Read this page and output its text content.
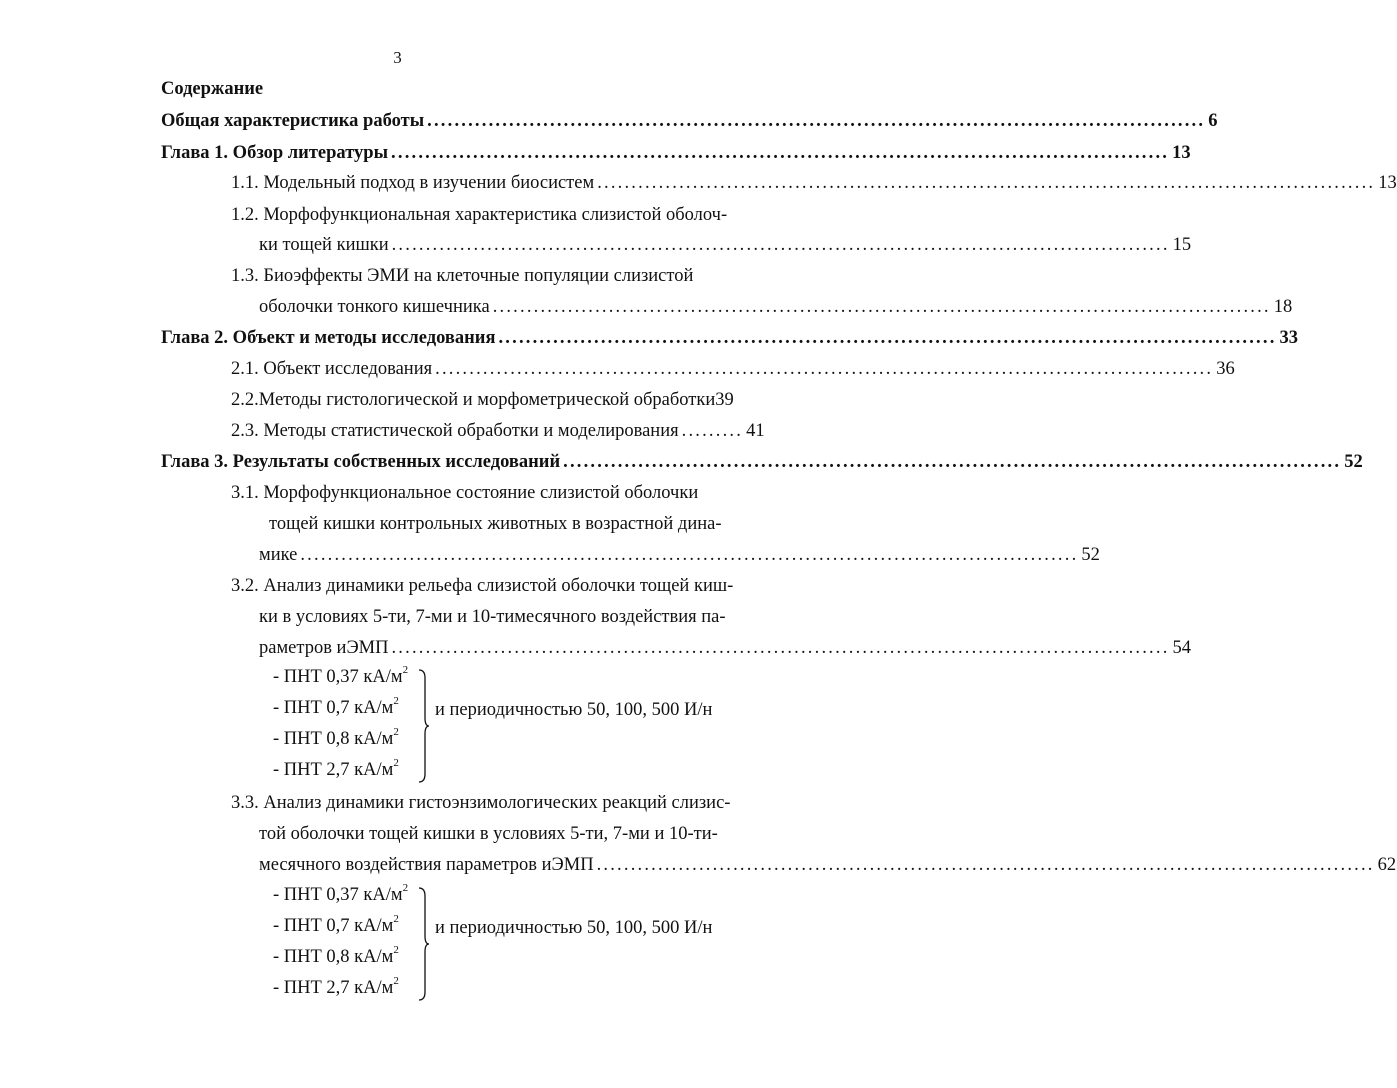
3
Содержание
Общая характеристика работы .................................................................................................................. 6
Глава 1. Обзор литературы .................................................................................................................. 13
1.1. Модельный подход в изучении биосистем .................................................................................................................. 13
1.2. Морфофункциональная характеристика слизистой оболоч-
ки тощей кишки .................................................................................................................. 15
1.3. Биоэффекты ЭМИ на клеточные популяции слизистой
оболочки тонкого кишечника .................................................................................................................. 18
Глава 2. Объект и методы исследования .................................................................................................................. 33
2.1. Объект исследования .................................................................................................................. 36
2.2.Методы гистологической и морфометрической обработки39
2.3. Методы статистической обработки и моделирования ......... 41
Глава 3. Результаты собственных исследований .................................................................................................................. 52
3.1. Морфофункциональное состояние слизистой оболочки
тощей кишки контрольных животных в возрастной дина-
мике .................................................................................................................. 52
3.2. Анализ динамики рельефа слизистой оболочки тощей киш-
ки в условиях 5-ти, 7-ми и 10-тимесячного воздействия па-
раметров иЭМП .................................................................................................................. 54
- ПНТ 0,37 $кА/м^2$
- ПНТ 0,7 $кА/м^2$
- ПНТ 0,8 $кА/м^2$
- ПНТ 2,7 $кА/м^2$
и периодичностью 50, 100, 500 И/н
3.3. Анализ динамики гистоэнзимологических реакций слизис-
той оболочки тощей кишки в условиях 5-ти, 7-ми и 10-ти-
месячного воздействия параметров иЭМП .................................................................................................................. 62
- ПНТ 0,37 $кА/м^2$
- ПНТ 0,7 $кА/м^2$
- ПНТ 0,8 $кА/м^2$
- ПНТ 2,7 $кА/м^2$
и периодичностью 50, 100, 500 И/н
